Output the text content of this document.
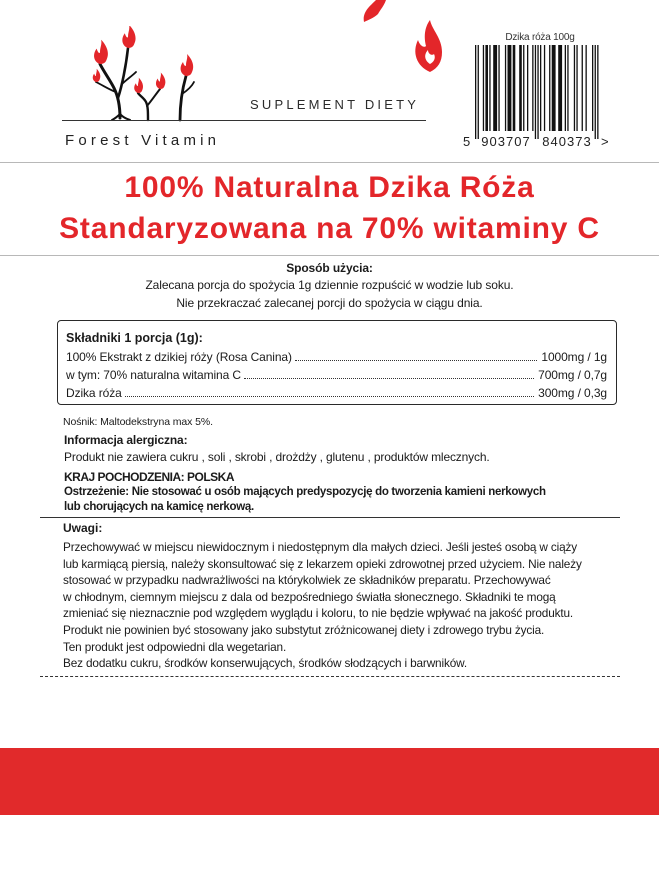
SUPLEMENT DIETY
Forest Vitamin
Dzika róża 100g
5 903707 840373 >
100% Naturalna Dzika Róża
Standaryzowana na 70% witaminy C
Sposób użycia:
Zalecana porcja do spożycia 1g dziennie rozpuścić w wodzie lub soku.
Nie przekraczać zalecanej porcji do spożycia w ciągu dnia.
Składniki 1 porcja (1g):
100% Ekstrakt z dzikiej róży (Rosa Canina)	1000mg / 1g
w tym: 70% naturalna witamina C	700mg / 0,7g
Dzika róża	300mg / 0,3g
Nośnik: Maltodekstryna max 5%.
Informacja alergiczna:
Produkt nie zawiera cukru , soli , skrobi , drożdży , glutenu , produktów mlecznych.
KRAJ POCHODZENIA: POLSKA
Ostrzeżenie: Nie stosować u osób mających predyspozycję do tworzenia kamieni nerkowych
lub chorujących na kamicę nerkową.
Uwagi:
Przechowywać w miejscu niewidocznym i niedostępnym dla małych dzieci. Jeśli jesteś osobą w ciąży
lub karmiącą piersią, należy skonsultować się z lekarzem opieki zdrowotnej przed użyciem. Nie należy
stosować w przypadku nadwrażliwości na którykolwiek ze składników preparatu. Przechowywać
w chłodnym, ciemnym miejscu z dala od bezpośredniego światła słonecznego. Składniki te mogą
zmieniać się nieznacznie pod względem wyglądu i koloru, to nie będzie wpływać na jakość produktu.
Produkt nie powinien być stosowany jako substytut zróżnicowanej diety i zdrowego trybu życia.
Ten produkt jest odpowiedni dla wegetarian.
Bez dodatku cukru, środków konserwujących, środków słodzących i barwników.
